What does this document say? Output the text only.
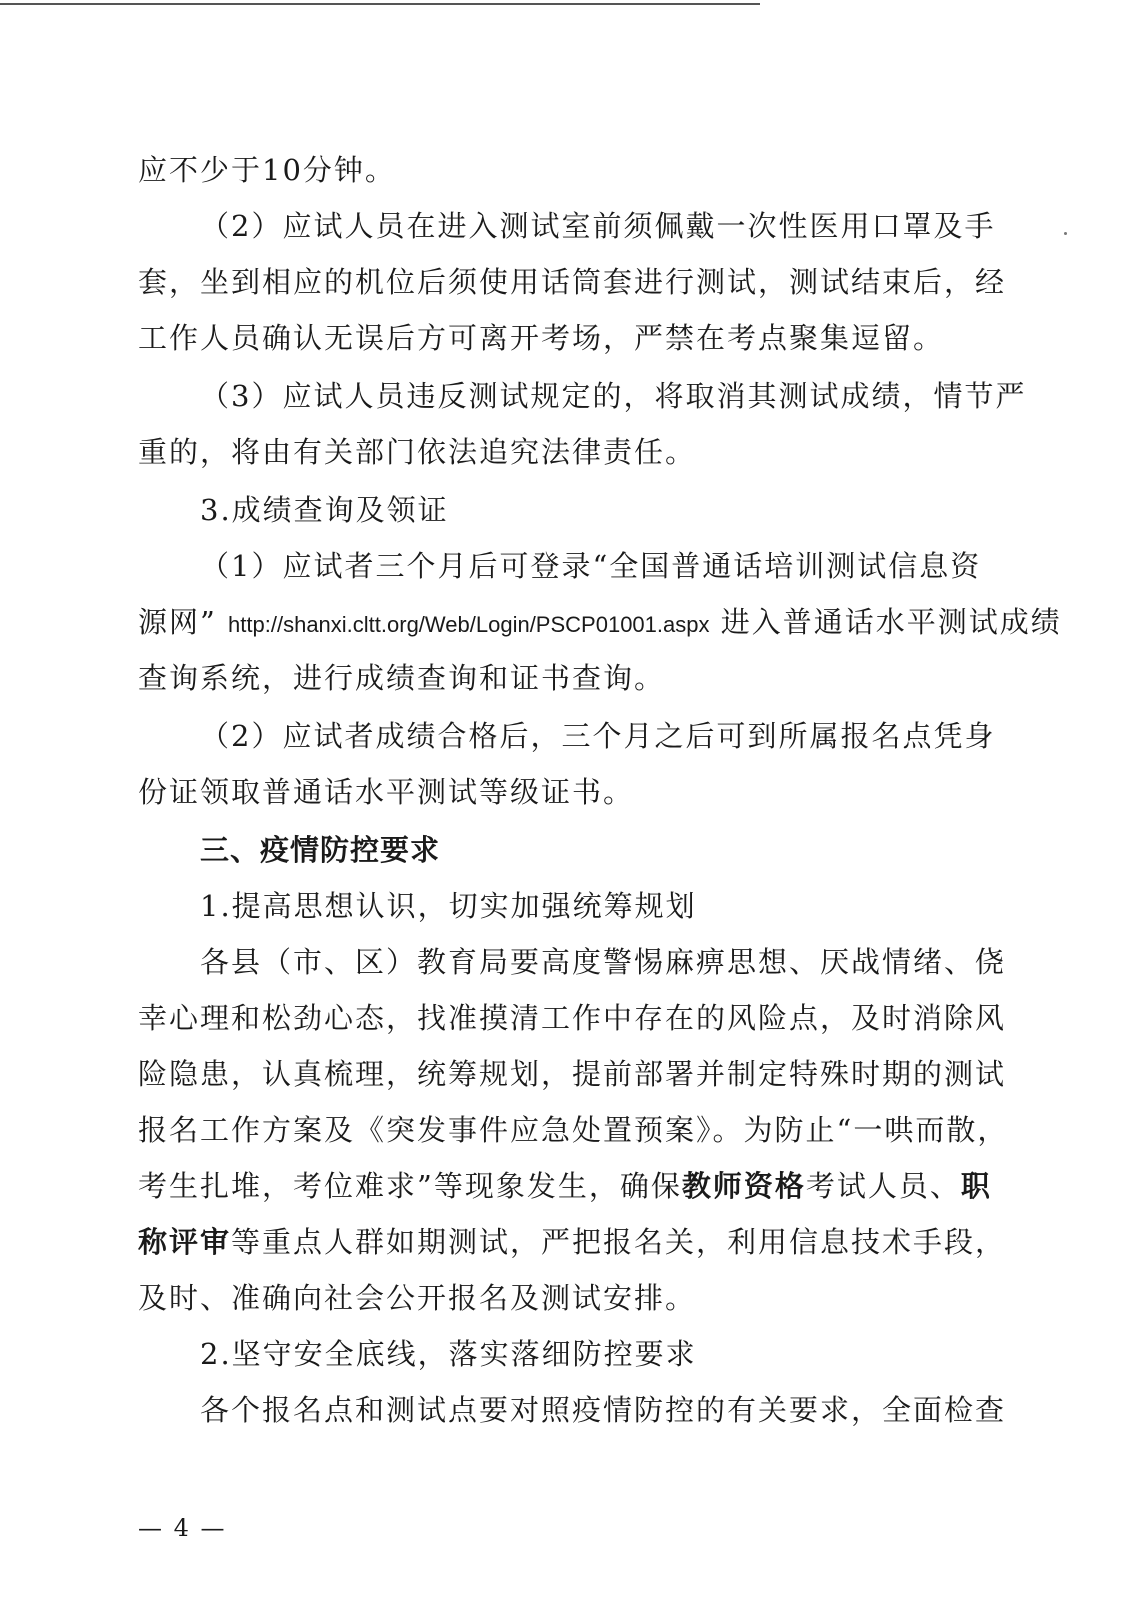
应不少于10分钟。
（2）应试人员在进入测试室前须佩戴一次性医用口罩及手
套，坐到相应的机位后须使用话筒套进行测试，测试结束后，经
工作人员确认无误后方可离开考场，严禁在考点聚集逗留。
（3）应试人员违反测试规定的，将取消其测试成绩，情节严
重的，将由有关部门依法追究法律责任。
3.成绩查询及领证
（1）应试者三个月后可登录“全国普通话培训测试信息资
源网” http://shanxi.cltt.org/Web/Login/PSCP01001.aspx 进入普通话水平测试成绩
查询系统，进行成绩查询和证书查询。
（2）应试者成绩合格后，三个月之后可到所属报名点凭身
份证领取普通话水平测试等级证书。
三、疫情防控要求
1.提高思想认识，切实加强统筹规划
各县（市、区）教育局要高度警惕麻痹思想、厌战情绪、侥
幸心理和松劲心态，找准摸清工作中存在的风险点，及时消除风
险隐患，认真梳理，统筹规划，提前部署并制定特殊时期的测试
报名工作方案及《突发事件应急处置预案》。为防止“一哄而散，
考生扎堆，考位难求”等现象发生，确保教师资格考试人员、职
称评审等重点人群如期测试，严把报名关，利用信息技术手段，
及时、准确向社会公开报名及测试安排。
2.坚守安全底线，落实落细防控要求
各个报名点和测试点要对照疫情防控的有关要求，全面检查
— 4 —
